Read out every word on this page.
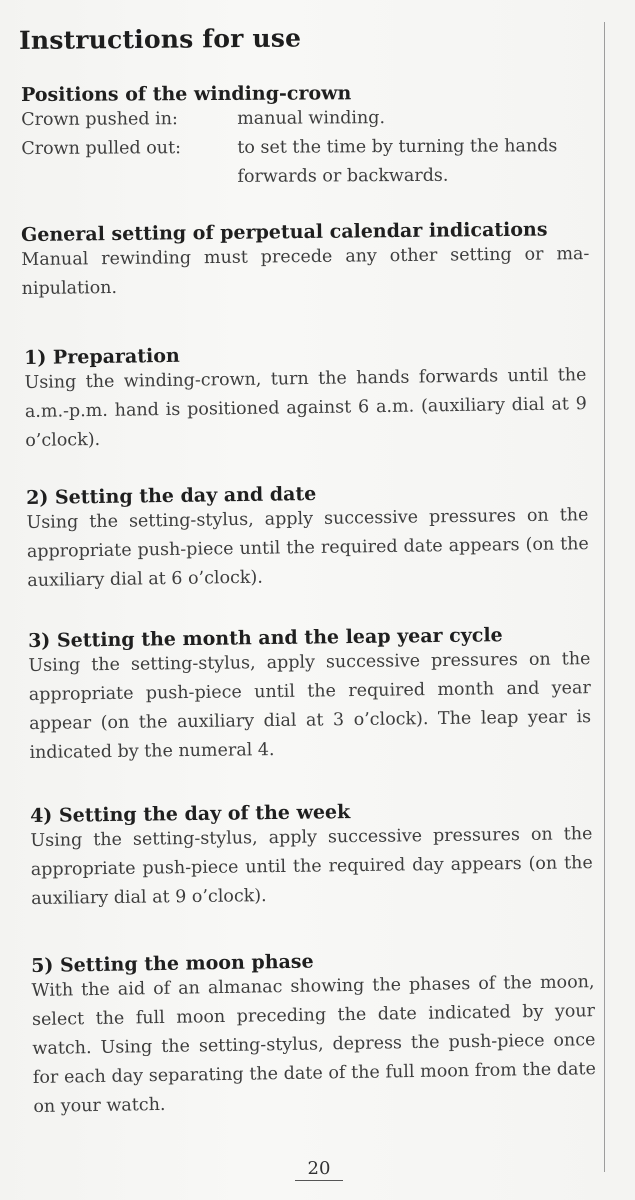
Instructions for use
Positions of the winding-crown
Crown pushed in:	manual winding.
Crown pulled out:	to set the time by turning the hands
forwards or backwards.
General setting of perpetual calendar indications
Manual rewinding must precede any other setting or ma-nipulation.
1) Preparation
Using the winding-crown, turn the hands forwards until the a.m.-p.m. hand is positioned against 6 a.m. (auxiliary dial at 9 o’clock).
2) Setting the day and date
Using the setting-stylus, apply successive pressures on the appropriate push-piece until the required date appears (on the auxiliary dial at 6 o’clock).
3) Setting the month and the leap year cycle
Using the setting-stylus, apply successive pressures on the appropriate push-piece until the required month and year appear (on the auxiliary dial at 3 o’clock). The leap year is indicated by the numeral 4.
4) Setting the day of the week
Using the setting-stylus, apply successive pressures on the appropriate push-piece until the required day appears (on the auxiliary dial at 9 o’clock).
5) Setting the moon phase
With the aid of an almanac showing the phases of the moon, select the full moon preceding the date indicated by your watch. Using the setting-stylus, depress the push-piece once for each day separating the date of the full moon from the date on your watch.
20
